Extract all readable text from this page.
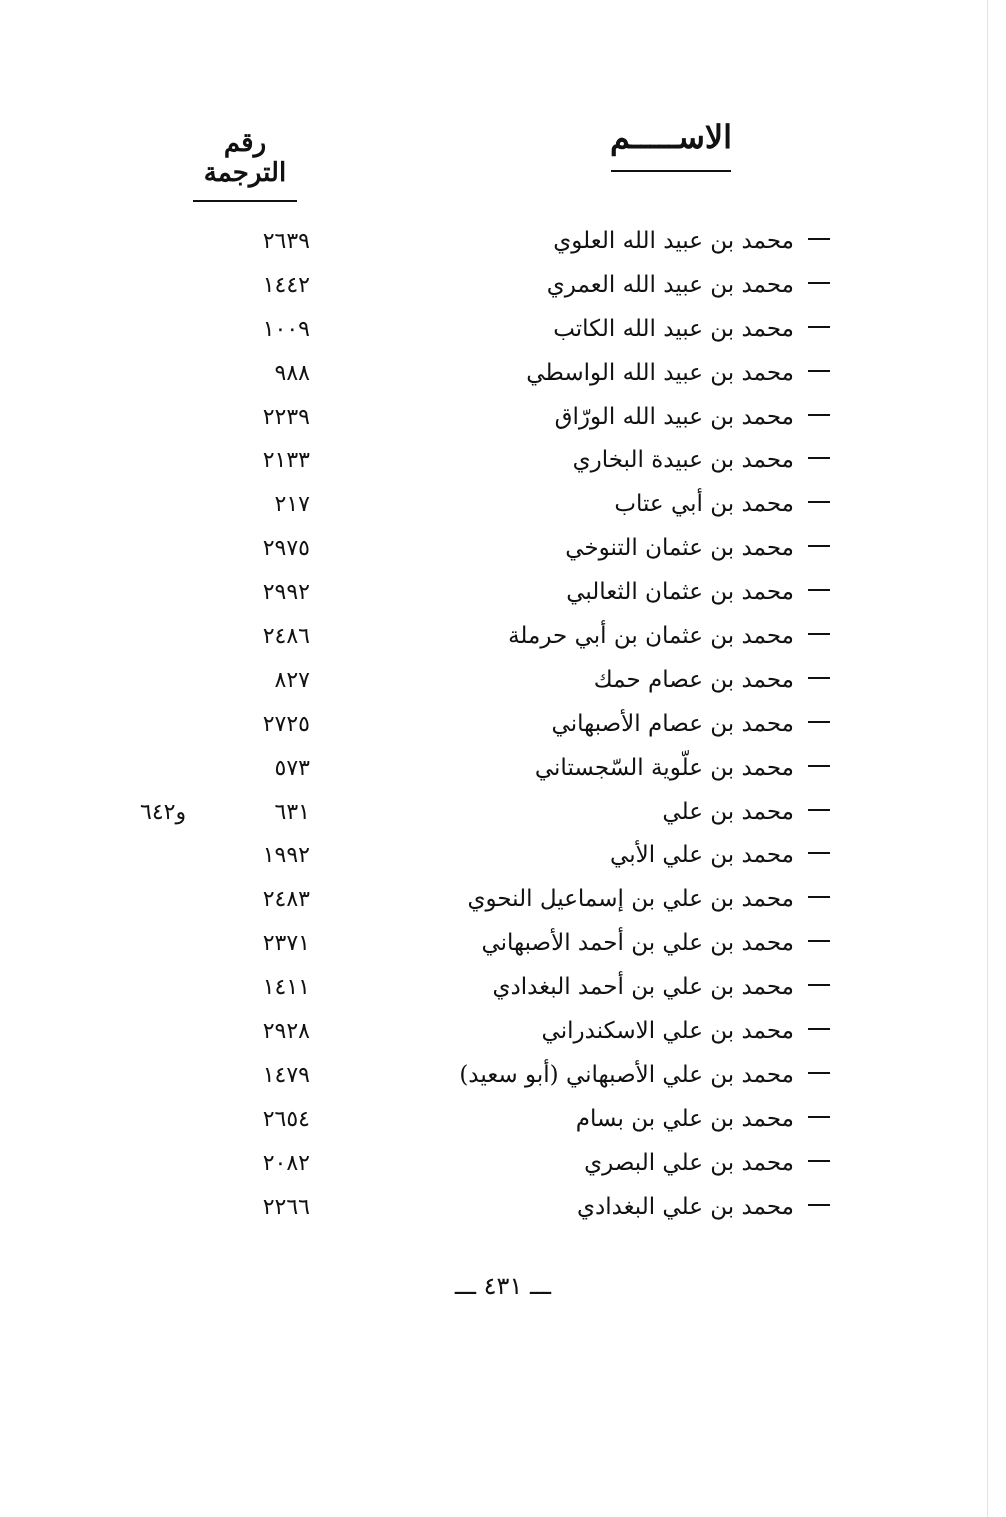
الاســـــم
رقم الترجمة
محمد بن عبيد الله العلوي
٢٦٣٩
محمد بن عبيد الله العمري
١٤٤٢
محمد بن عبيد الله الكاتب
١٠٠٩
محمد بن عبيد الله الواسطي
٩٨٨
محمد بن عبيد الله الورّاق
٢٢٣٩
محمد بن عبيدة البخاري
٢١٣٣
محمد بن أبي عتاب
٢١٧
محمد بن عثمان التنوخي
٢٩٧٥
محمد بن عثمان الثعالبي
٢٩٩٢
محمد بن عثمان بن أبي حرملة
٢٤٨٦
محمد بن عصام حمك
٨٢٧
محمد بن عصام الأصبهاني
٢٧٢٥
محمد بن علّوية السّجستاني
٥٧٣
محمد بن علي
٦٣١
و٦٤٢
محمد بن علي الأبي
١٩٩٢
محمد بن علي بن إسماعيل النحوي
٢٤٨٣
محمد بن علي بن أحمد الأصبهاني
٢٣٧١
محمد بن علي بن أحمد البغدادي
١٤١١
محمد بن علي الاسكندراني
٢٩٢٨
محمد بن علي الأصبهاني (أبو سعيد)
١٤٧٩
محمد بن علي بن بسام
٢٦٥٤
محمد بن علي البصري
٢٠٨٢
محمد بن علي البغدادي
٢٢٦٦
ـــ ٤٣١ ـــ
